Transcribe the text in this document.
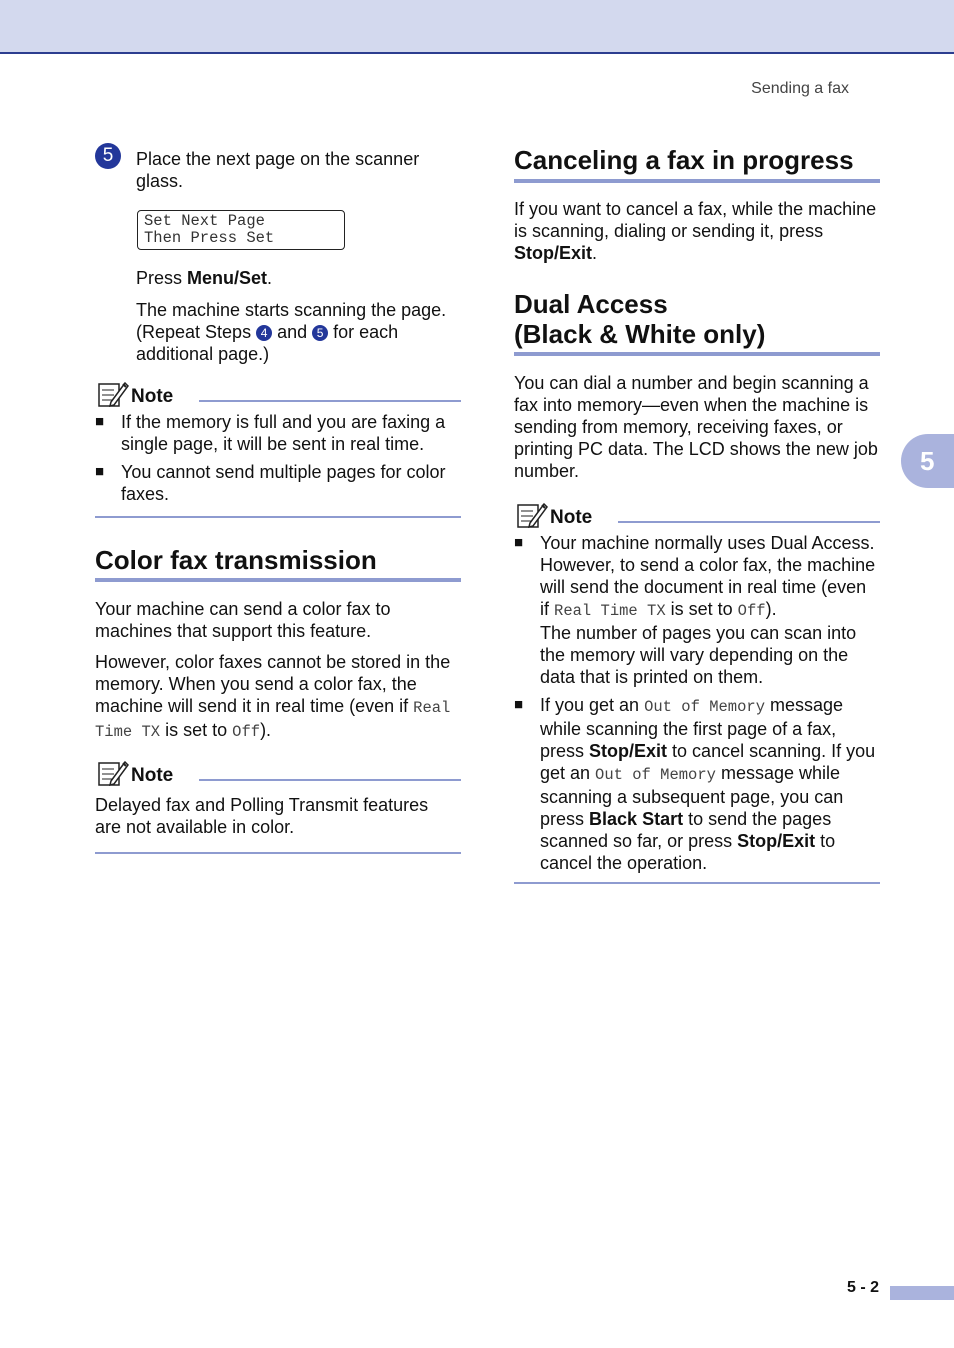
Sending a fax
5	Place the next page on the scanner

glass.

Set Next Page
Then Press Set

Press Menu/Set.

The machine starts scanning the page.

(Repeat Steps 4 and 5 for each

additional page.)

Note
■ If the memory is full and you are faxing a

single page, it will be sent in real time.

■ You cannot send multiple pages for color

faxes.

Color fax transmission

Your machine can send a color fax to

machines that support this feature.

However, color faxes cannot be stored in the

memory. When you send a color fax, the

machine will send it in real time (even if Real

Time TX is set to Off).

Note

Delayed fax and Polling Transmit features

are not available in color.

Canceling a fax in progress

If you want to cancel a fax, while the machine

is scanning, dialing or sending it, press

Stop/Exit.

Dual Access
(Black & White only)

You can dial a number and begin scanning a

fax into memory—even when the machine is

sending from memory, receiving faxes, or

printing PC data. The LCD shows the new job

number.

Note
■ Your machine normally uses Dual Access.

However, to send a color fax, the machine

will send the document in real time (even

if Real Time TX is set to Off).

The number of pages you can scan into

the memory will vary depending on the

data that is printed on them.

■ If you get an Out of Memory message

while scanning the first page of a fax,

press Stop/Exit to cancel scanning. If you

get an Out of Memory message while

scanning a subsequent page, you can

press Black Start to send the pages

scanned so far, or press Stop/Exit to

cancel the operation.

5
5 - 2
